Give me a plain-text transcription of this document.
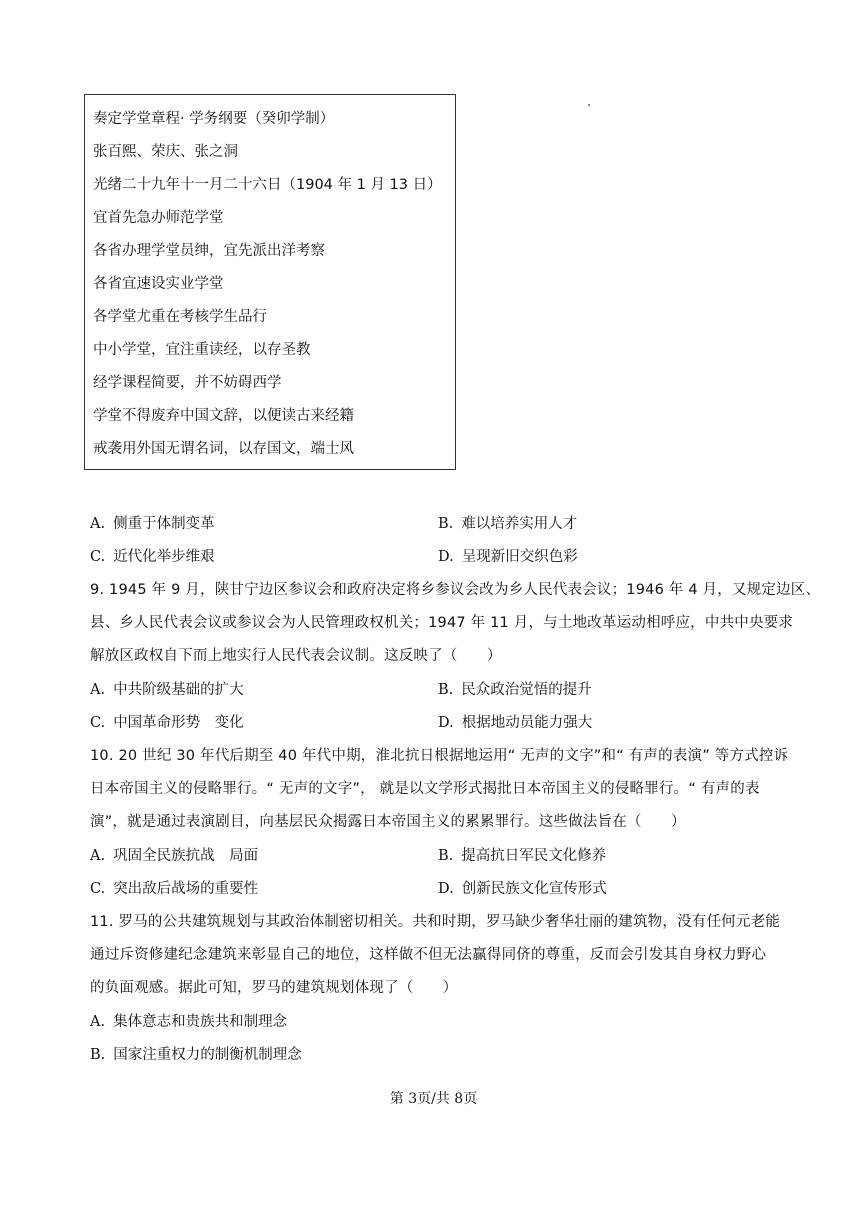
奏定学堂章程· 学务纲要（癸卯学制）
张百熙、荣庆、张之洞
光绪二十九年十一月二十六日（1904 年 1 月 13 日）
宜首先急办师范学堂
各省办理学堂员绅，宜先派出洋考察
各省宜速设实业学堂
各学堂尤重在考核学生品行
中小学堂，宜注重读经，以存圣教
经学课程简要，并不妨碍西学
学堂不得废弃中国文辞，以便读古来经籍
戒袭用外国无谓名词，以存国文，端士风
A. 侧重于体制变革	B. 难以培养实用人才
C. 近代化举步维艰	D. 呈现新旧交织色彩
9. 1945 年 9 月，陕甘宁边区参议会和政府决定将乡参议会改为乡人民代表会议；1946 年 4 月，又规定边区、
县、乡人民代表会议或参议会为人民管理政权机关；1947 年 11 月，与土地改革运动相呼应，中共中央要求
解放区政权自下而上地实行人民代表会议制。这反映了（　　）
A. 中共阶级基础的扩大	B. 民众政治觉悟的提升
C. 中国革命形势　变化	D. 根据地动员能力强大
10. 20 世纪 30 年代后期至 40 年代中期，淮北抗日根据地运用“ 无声的文字”和“ 有声的表演” 等方式控诉
日本帝国主义的侵略罪行。“ 无声的文字”， 就是以文学形式揭批日本帝国主义的侵略罪行。“ 有声的表
演”，就是通过表演剧目，向基层民众揭露日本帝国主义的累累罪行。这些做法旨在（　　）
A. 巩固全民族抗战　局面	B. 提高抗日军民文化修养
C. 突出敌后战场的重要性	D. 创新民族文化宣传形式
11. 罗马的公共建筑规划与其政治体制密切相关。共和时期，罗马缺少奢华壮丽的建筑物，没有任何元老能
通过斥资修建纪念建筑来彰显自己的地位，这样做不但无法赢得同侪的尊重，反而会引发其自身权力野心
的负面观感。据此可知，罗马的建筑规划体现了（　　）
A. 集体意志和贵族共和制理念
B. 国家注重权力的制衡机制理念
第 3页/共 8页
